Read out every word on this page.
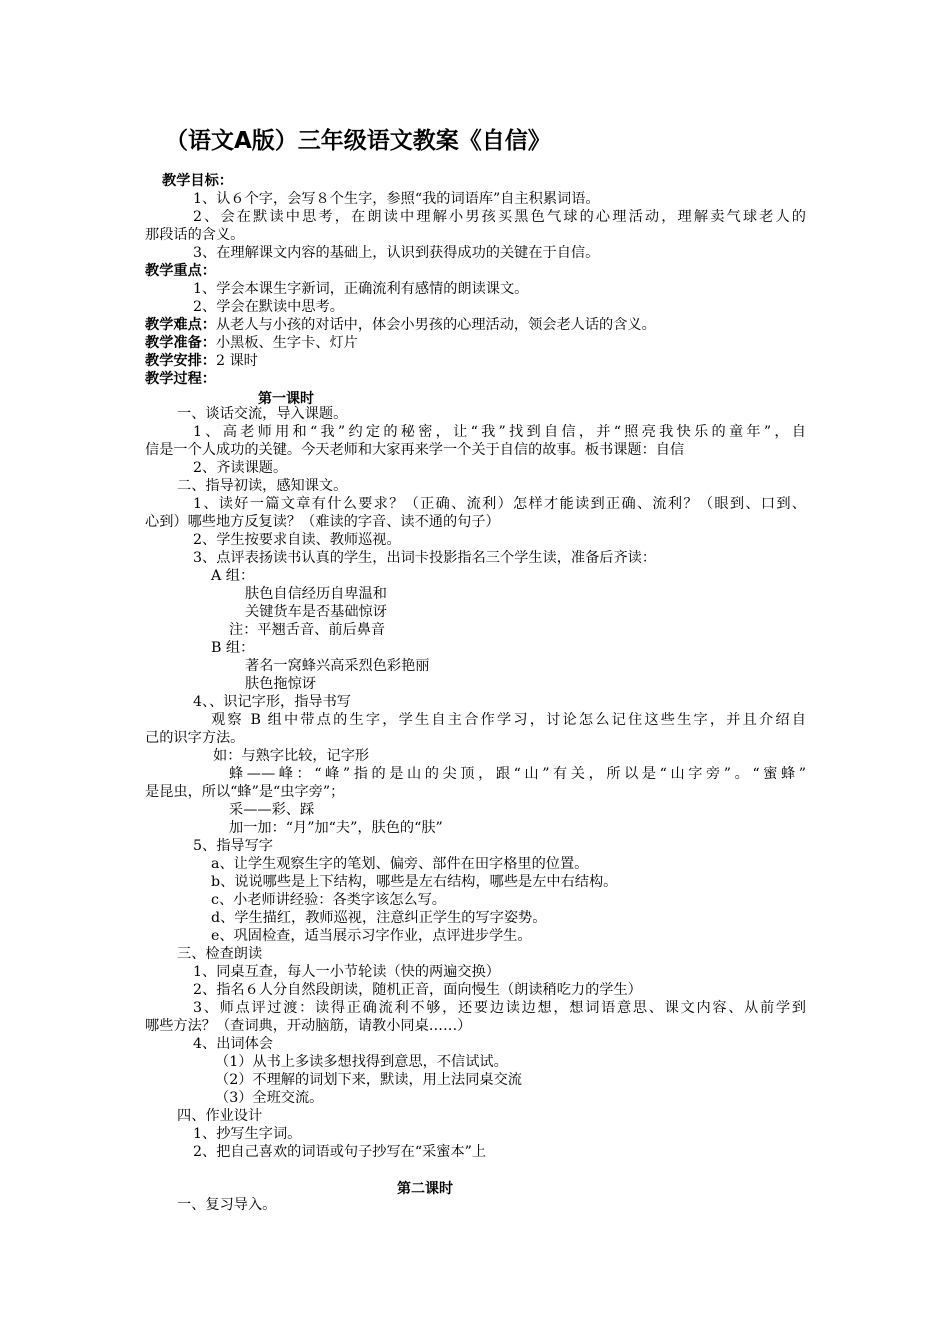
（语文A版）三年级语文教案《自信》
教学目标：
1、认６个字，会写８个生字，参照“我的词语库”自主积累词语。
2、会在默读中思考，在朗读中理解小男孩买黑色气球的心理活动，理解卖气球老人的
那段话的含义。
3、在理解课文内容的基础上，认识到获得成功的关键在于自信。
教学重点：
1、学会本课生字新词，正确流利有感情的朗读课文。
2、学会在默读中思考。
教学难点：从老人与小孩的对话中，体会小男孩的心理活动，领会老人话的含义。
教学准备：小黑板、生字卡、灯片
教学安排：2 课时
教学过程：
第一课时
一、谈话交流，导入课题。
1、高老师用和“我”约定的秘密，让“我”找到自信，并“照亮我快乐的童年”，自
信是一个人成功的关键。今天老师和大家再来学一个关于自信的故事。板书课题：自信
2、齐读课题。
二、指导初读，感知课文。
1、读好一篇文章有什么要求？（正确、流利）怎样才能读到正确、流利？（眼到、口到、
心到）哪些地方反复读？（难读的字音、读不通的句子）
2、学生按要求自读、教师巡视。
3、点评表扬读书认真的学生，出词卡投影指名三个学生读，准备后齐读：
A 组：
肤色自信经历自卑温和
关键货车是否基础惊讶
注：平翘舌音、前后鼻音
B 组：
著名一窝蜂兴高采烈色彩艳丽
肤色拖惊讶
4、、识记字形，指导书写
观察 B 组中带点的生字，学生自主合作学习，讨论怎么记住这些生字，并且介绍自
己的识字方法。
如：与熟字比较，记字形
蜂——峰：“峰”指的是山的尖顶，跟“山”有关，所以是“山字旁”。“蜜蜂”
是昆虫，所以“蜂”是“虫字旁”；
采——彩、踩
加一加：“月”加“夫”，肤色的“肤”
5、指导写字
a、让学生观察生字的笔划、偏旁、部件在田字格里的位置。
b、说说哪些是上下结构，哪些是左右结构，哪些是左中右结构。
c、小老师讲经验：各类字该怎么写。
d、学生描红，教师巡视，注意纠正学生的写字姿势。
e、巩固检查，适当展示习字作业，点评进步学生。
三、检查朗读
1、同桌互查，每人一小节轮读（快的两遍交换）
2、指名６人分自然段朗读，随机正音，面向慢生（朗读稍吃力的学生）
3、师点评过渡：读得正确流利不够，还要边读边想，想词语意思、课文内容、从前学到
哪些方法？（查词典，开动脑筋，请教小同桌……）
4、出词体会
（1）从书上多读多想找得到意思，不信试试。
（2）不理解的词划下来，默读，用上法同桌交流
（3）全班交流。
四、作业设计
1、抄写生字词。
2、把自己喜欢的词语或句子抄写在“采蜜本”上
第二课时
一、复习导入。
